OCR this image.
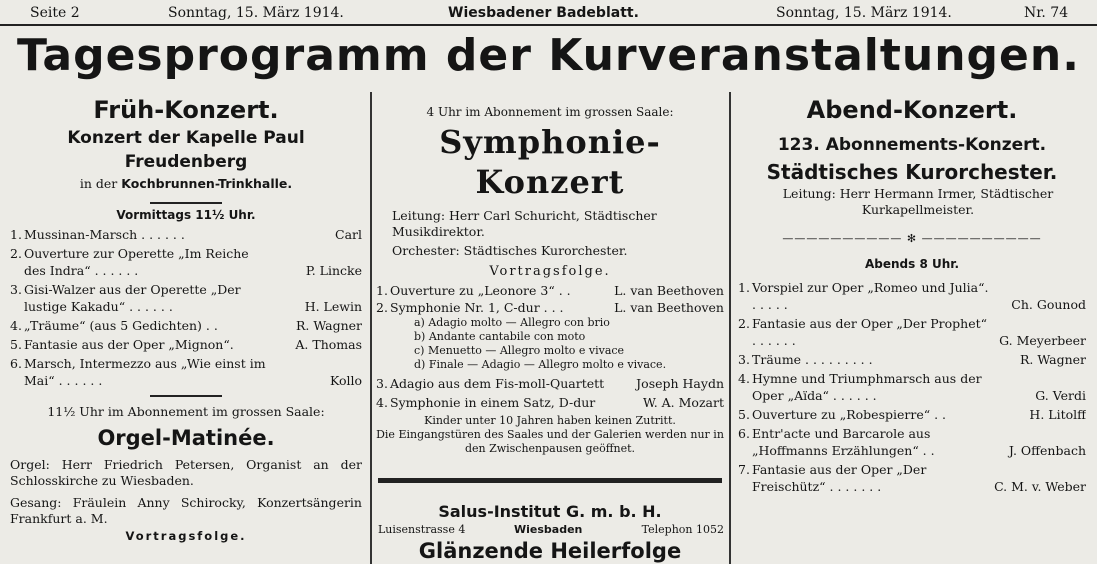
Seite 2	Sonntag, 15. März 1914.	Wiesbadener Badeblatt.	Sonntag, 15. März 1914.	Nr. 74
Tagesprogramm der Kurveranstaltungen.
Früh-Konzert.
Konzert der Kapelle Paul Freudenberg
in der Kochbrunnen-Trinkhalle.
Vormittags 11½ Uhr.
1. Mussinan-Marsch . . . . . .	Carl
2. Ouverture zur Operette „Im Reiche des Indra“ . . . . . .	P. Lincke
3. Gisi-Walzer aus der Operette „Der lustige Kakadu“ . . . . . .	H. Lewin
4. „Träume“ (aus 5 Gedichten) . .	R. Wagner
5. Fantasie aus der Oper „Mignon“.	A. Thomas
6. Marsch, Intermezzo aus „Wie einst im Mai“ . . . . . .	Kollo
11½ Uhr im Abonnement im grossen Saale:
Orgel-Matinée.
Orgel: Herr Friedrich Petersen, Organist an der Schlosskirche zu Wiesbaden.
Gesang: Fräulein Anny Schirocky, Konzertsängerin Frankfurt a. M.
Vortragsfolge.
4 Uhr im Abonnement im grossen Saale:
Symphonie-Konzert
Leitung: Herr Carl Schuricht, Städtischer Musikdirektor.
Orchester: Städtisches Kurorchester.
Vortragsfolge.
1. Ouverture zu „Leonore 3“ . .	L. van Beethoven
2. Symphonie Nr. 1, C-dur . . .	L. van Beethoven
a) Adagio molto — Allegro con brio
b) Andante cantabile con moto
c) Menuetto — Allegro molto e vivace
d) Finale — Adagio — Allegro molto e vivace.
3. Adagio aus dem Fis-moll-Quartett	Joseph Haydn
4. Symphonie in einem Satz, D-dur	W. A. Mozart
Kinder unter 10 Jahren haben keinen Zutritt.
Die Eingangstüren des Saales und der Galerien werden nur in den Zwischenpausen geöffnet.
Salus-Institut G. m. b. H.
Luisenstrasse 4	Wiesbaden	Telephon 1052
Glänzende Heilerfolge
Abend-Konzert.
123. Abonnements-Konzert.
Städtisches Kurorchester.
Leitung: Herr Hermann Irmer, Städtischer Kurkapellmeister.
—————————— ✻ ——————————
Abends 8 Uhr.
1. Vorspiel zur Oper „Romeo und Julia“. . . . . .	Ch. Gounod
2. Fantasie aus der Oper „Der Prophet“ . . . . . .	G. Meyerbeer
3. Träume . . . . . . . . .	R. Wagner
4. Hymne und Triumphmarsch aus der Oper „Aïda“ . . . . . .	G. Verdi
5. Ouverture zu „Robespierre“ . .	H. Litolff
6. Entr'acte und Barcarole aus „Hoffmanns Erzählungen“ . .	J. Offenbach
7. Fantasie aus der Oper „Der Freischütz“ . . . . . . .	C. M. v. Weber
